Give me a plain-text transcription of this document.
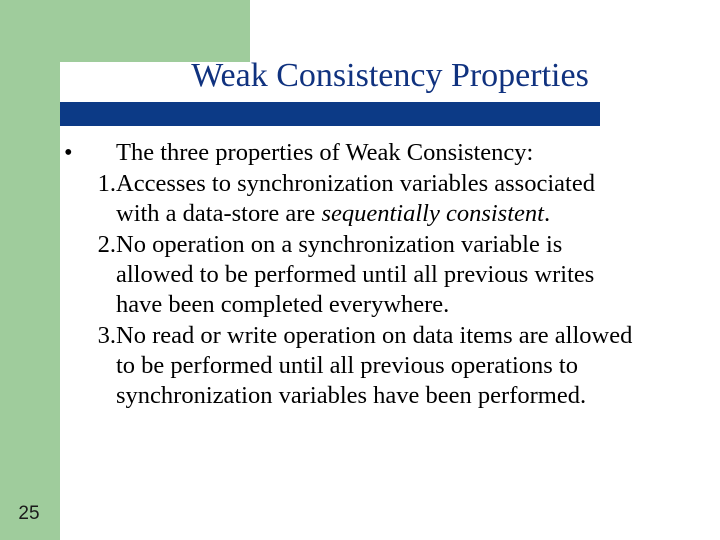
Weak Consistency Properties
•	The three properties of Weak Consistency:
1. Accesses to synchronization variables associated
with a data-store are sequentially consistent.
2. No operation on a synchronization variable is
allowed to be performed until all previous writes
have been completed everywhere.
3. No read or write operation on data items are allowed
to be performed until all previous operations to
synchronization variables have been performed.
25
